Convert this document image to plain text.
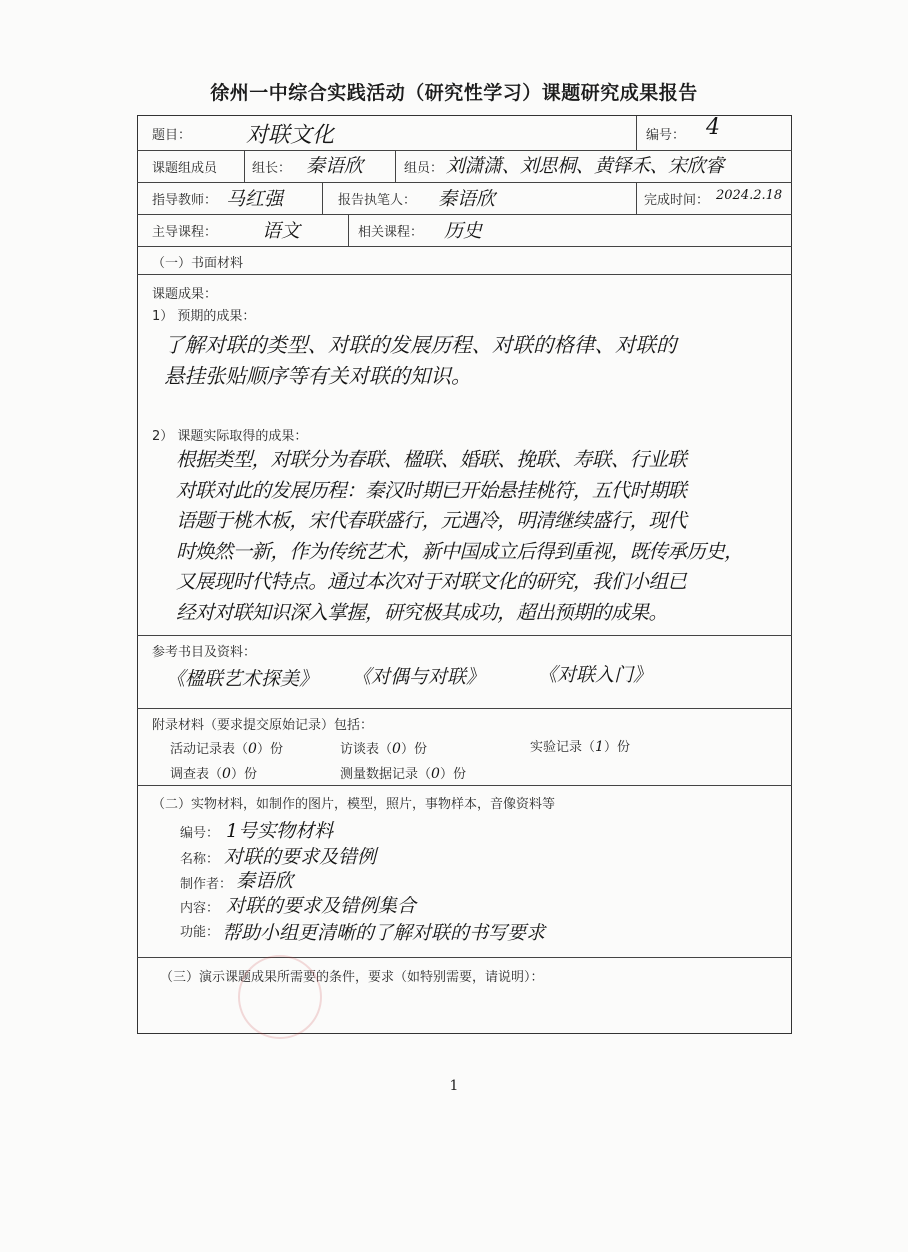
徐州一中综合实践活动（研究性学习）课题研究成果报告
题目： 对联文化	编号： 4
课题组成员	组长： 秦语欣	组员： 刘潇潇、刘思桐、黄铎禾、宋欣睿
指导教师： 马红强	报告执笔人： 秦语欣	完成时间： 2024.2.18
主导课程： 语文	相关课程： 历史
（一）书面材料
课题成果：
1） 预期的成果：
了解对联的类型、对联的发展历程、对联的格律、对联的
悬挂张贴顺序等有关对联的知识。
2） 课题实际取得的成果：
根据类型，对联分为春联、楹联、婚联、挽联、寿联、行业联
对联对此的发展历程：秦汉时期已开始悬挂桃符，五代时期联
语题于桃木板，宋代春联盛行，元遇冷，明清继续盛行，现代
时焕然一新，作为传统艺术，新中国成立后得到重视，既传承历史，
又展现时代特点。通过本次对于对联文化的研究，我们小组已
经对对联知识深入掌握，研究极其成功，超出预期的成果。
参考书目及资料：
《楹联艺术探美》 《对偶与对联》	《对联入门》
附录材料（要求提交原始记录）包括：
活动记录表（0）份	访谈表（0）份	实验记录（1）份
调查表（0）份	测量数据记录（0）份
（二）实物材料，如制作的图片，模型，照片，事物样本，音像资料等
编号： 1号实物材料
名称： 对联的要求及错例
制作者： 秦语欣
内容： 对联的要求及错例集合
功能： 帮助小组更清晰的了解对联的书写要求
（三）演示课题成果所需要的条件，要求（如特别需要，请说明）：
1
